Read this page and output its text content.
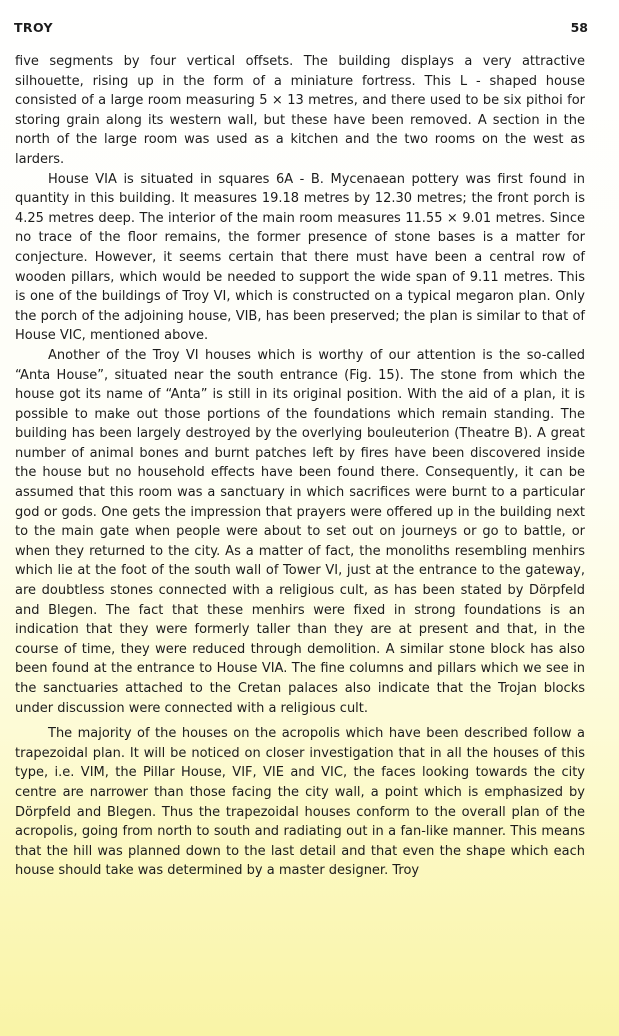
TROY	58

five segments by four vertical offsets. The building displays a very attractive silhouette, rising up in the form of a miniature fortress. This L - shaped house consisted of a large room measuring 5 × 13 metres, and there used to be six pithoi for storing grain along its western wall, but these have been removed. A section in the north of the large room was used as a kitchen and the two rooms on the west as larders.

House VIA is situated in squares 6A - B. Mycenaean pottery was first found in quantity in this building. It measures 19.18 metres by 12.30 metres; the front porch is 4.25 metres deep. The interior of the main room measures 11.55 × 9.01 metres. Since no trace of the floor remains, the former presence of stone bases is a matter for conjecture. However, it seems certain that there must have been a central row of wooden pillars, which would be needed to support the wide span of 9.11 metres. This is one of the buildings of Troy VI, which is constructed on a typical megaron plan. Only the porch of the adjoining house, VIB, has been preserved; the plan is similar to that of House VIC, mentioned above.

Another of the Troy VI houses which is worthy of our attention is the so-called “Anta House”, situated near the south entrance (Fig. 15). The stone from which the house got its name of “Anta” is still in its original position. With the aid of a plan, it is possible to make out those portions of the foundations which remain standing. The building has been largely destroyed by the overlying bouleuterion (Theatre B). A great number of animal bones and burnt patches left by fires have been discovered inside the house but no household effects have been found there. Consequently, it can be assumed that this room was a sanctuary in which sacrifices were burnt to a particular god or gods. One gets the impression that prayers were offered up in the building next to the main gate when people were about to set out on journeys or go to battle, or when they returned to the city. As a matter of fact, the monoliths resembling menhirs which lie at the foot of the south wall of Tower VI, just at the entrance to the gateway, are doubtless stones connected with a religious cult, as has been stated by Dörpfeld and Blegen. The fact that these menhirs were fixed in strong foundations is an indication that they were formerly taller than they are at present and that, in the course of time, they were reduced through demolition. A similar stone block has also been found at the entrance to House VIA. The fine columns and pillars which we see in the sanctuaries attached to the Cretan palaces also indicate that the Trojan blocks under discussion were connected with a religious cult.

The majority of the houses on the acropolis which have been described follow a trapezoidal plan. It will be noticed on closer investigation that in all the houses of this type, i.e. VIM, the Pillar House, VIF, VIE and VIC, the faces looking towards the city centre are narrower than those facing the city wall, a point which is emphasized by Dörpfeld and Blegen. Thus the trapezoidal houses conform to the overall plan of the acropolis, going from north to south and radiating out in a fan-like manner. This means that the hill was planned down to the last detail and that even the shape which each house should take was determined by a master designer. Troy
